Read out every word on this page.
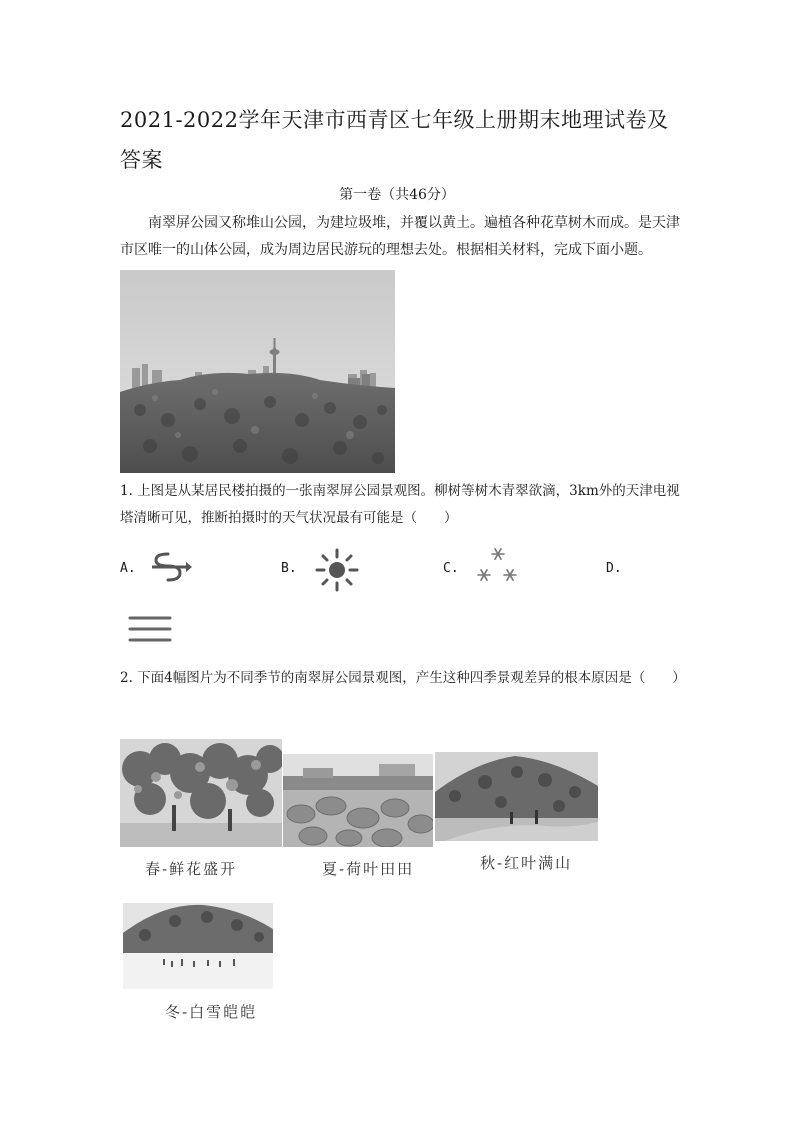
2021-2022学年天津市西青区七年级上册期末地理试卷及答案
第一卷（共46分）

南翠屏公园又称堆山公园，为建垃圾堆，并覆以黄土。遍植各种花草树木而成。是天津市区唯一的山体公园，成为周边居民游玩的理想去处。根据相关材料，完成下面小题。

1. 上图是从某居民楼拍摄的一张南翠屏公园景观图。柳树等树木青翠欲滴，3km外的天津电视塔清晰可见，推断拍摄时的天气状况最有可能是（　　）

A.	B.	C.	D.

2. 下面4幅图片为不同季节的南翠屏公园景观图，产生这种四季景观差异的根本原因是（　　）

春-鲜花盛开	夏-荷叶田田	秋-红叶满山
冬-白雪皑皑
